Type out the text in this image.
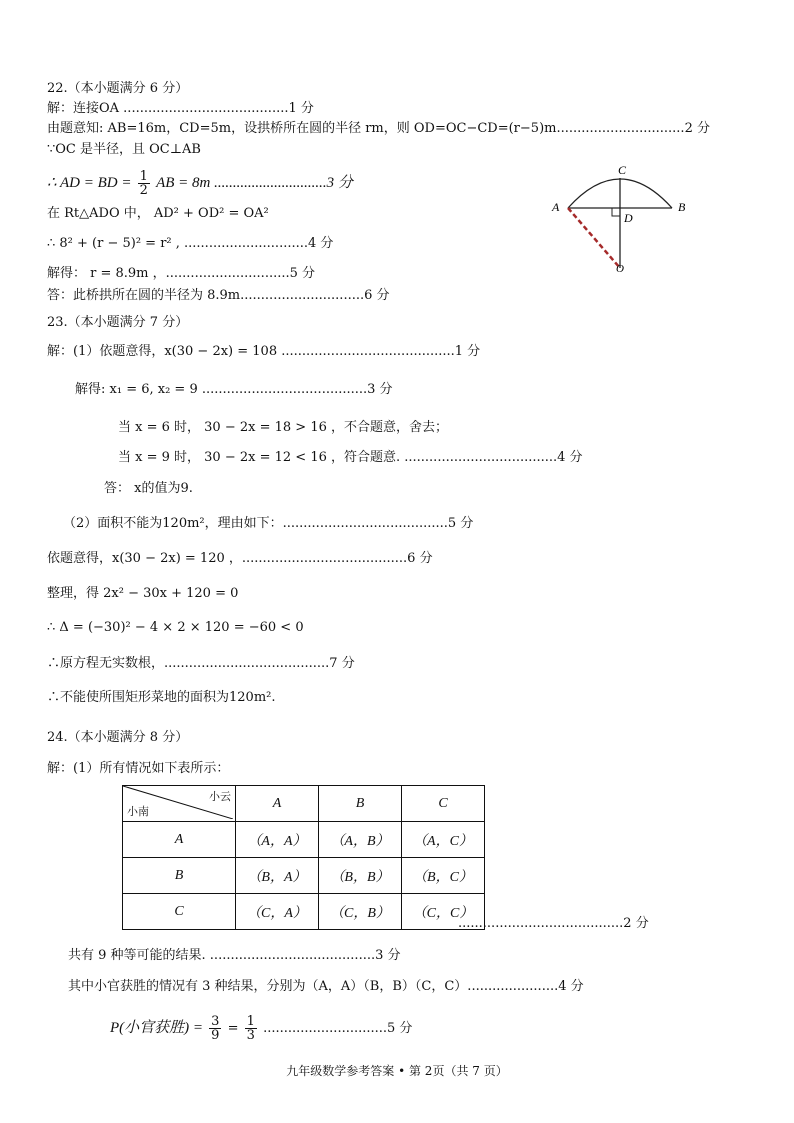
22.（本小题满分 6 分）
解：连接OA ........................................1 分
由题意知: AB=16m，CD=5m，设拱桥所在圆的半径 rm，则 OD=OC−CD=(r−5)m...............................2 分
∵OC 是半径，且 OC⊥AB
∴ AD = BD = $\frac{1}{2}$ AB = 8m ..............................3 分
在 Rt△ADO 中， AD² + OD² = OA²
∴ 8² + (r − 5)² = r² , ..............................4 分
解得： r = 8.9m ，..............................5 分
答：此桥拱所在圆的半径为 8.9m..............................6 分
C
A	B
D
O
23.（本小题满分 7 分）
解：(1）依题意得，x(30 − 2x) = 108 ..........................................1 分
解得: x₁ = 6, x₂ = 9 ........................................3 分
当 x = 6 时， 30 − 2x = 18 > 16 ，不合题意，舍去；
当 x = 9 时， 30 − 2x = 12 < 16 ，符合题意. .....................................4 分
答： x的值为9.
（2）面积不能为120m²，理由如下：........................................5 分
依题意得，x(30 − 2x) = 120 ，........................................6 分
整理，得 2x² − 30x + 120 = 0
∴ Δ = (−30)² − 4 × 2 × 120 = −60 < 0
∴原方程无实数根，........................................7 分
∴不能使所围矩形菜地的面积为120m².
24.（本小题满分 8 分）
解：(1）所有情况如下表所示：
小云
小南	A	B	C
A	（A，A）	（A，B）	（A，C）
B	（B，A）	（B，B）	（B，C）
C	（C，A）	（C，B）	（C，C）
........................................2 分
共有 9 种等可能的结果. ........................................3 分
其中小官获胜的情况有 3 种结果，分别为（A，A）（B，B）（C，C）......................4 分
P(小官获胜) = $\frac{3}{9} = \frac{1}{3} ..............................5$ 分
九年级数学参考答案 • 第 2页（共 7 页）
